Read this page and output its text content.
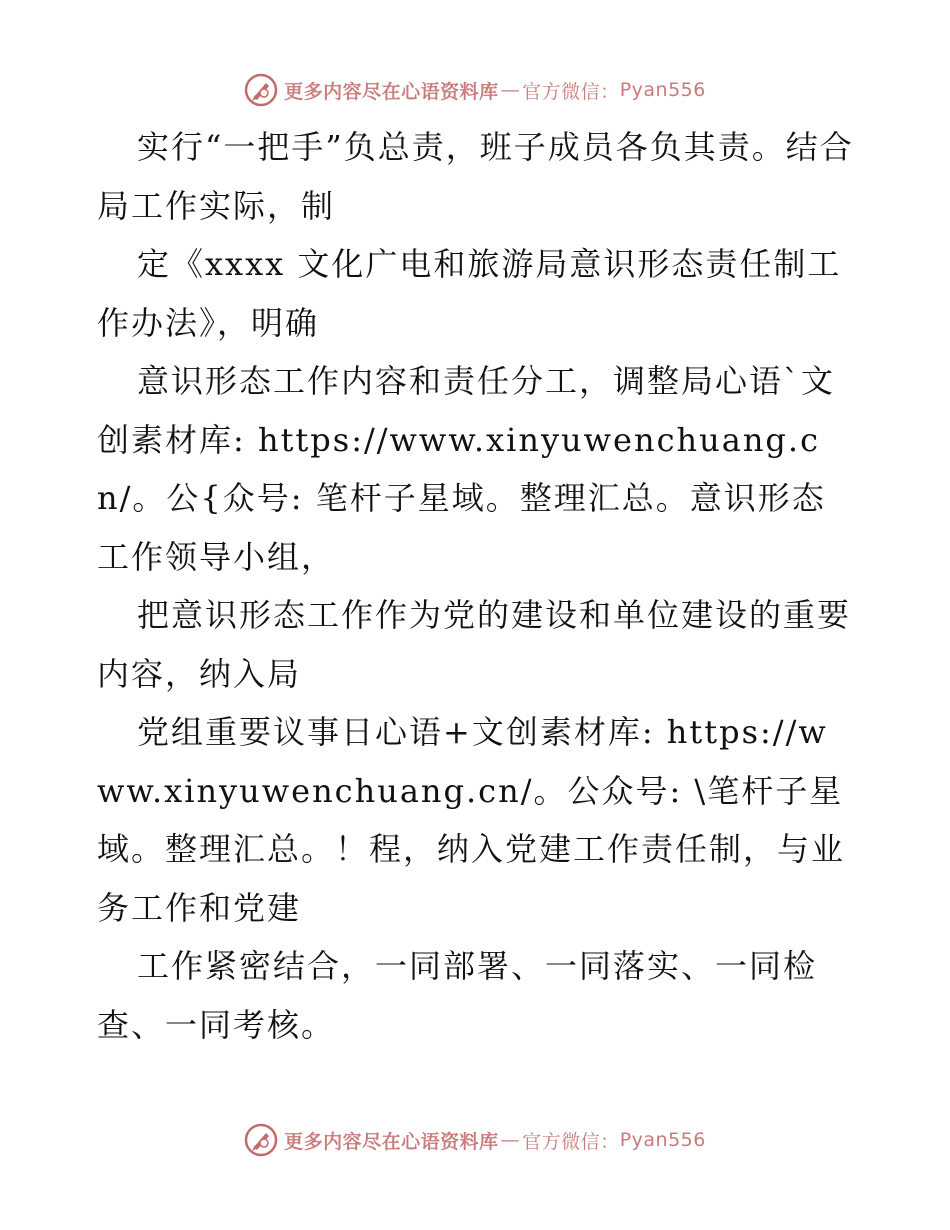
更多内容尽在心语资料库 — 官方微信： Pyan556

实行“一把手”负总责，班子成员各负其责。结合局工作实际，制

定《xxxx 文化广电和旅游局意识形态责任制工作办法》，明确

意识形态工作内容和责任分工，调整局心语`文创素材库: https://www.xinyuwenchuang.cn/。公{众号: 笔杆子星域。整理汇总。意识形态工作领导小组，

把意识形态工作作为党的建设和单位建设的重要内容，纳入局

党组重要议事日心语+文创素材库: https://www.xinyuwenchuang.cn/。公众号: \笔杆子星域。整理汇总。！程，纳入党建工作责任制，与业务工作和党建

工作紧密结合，一同部署、一同落实、一同检查、一同考核。

更多内容尽在心语资料库 — 官方微信： Pyan556
